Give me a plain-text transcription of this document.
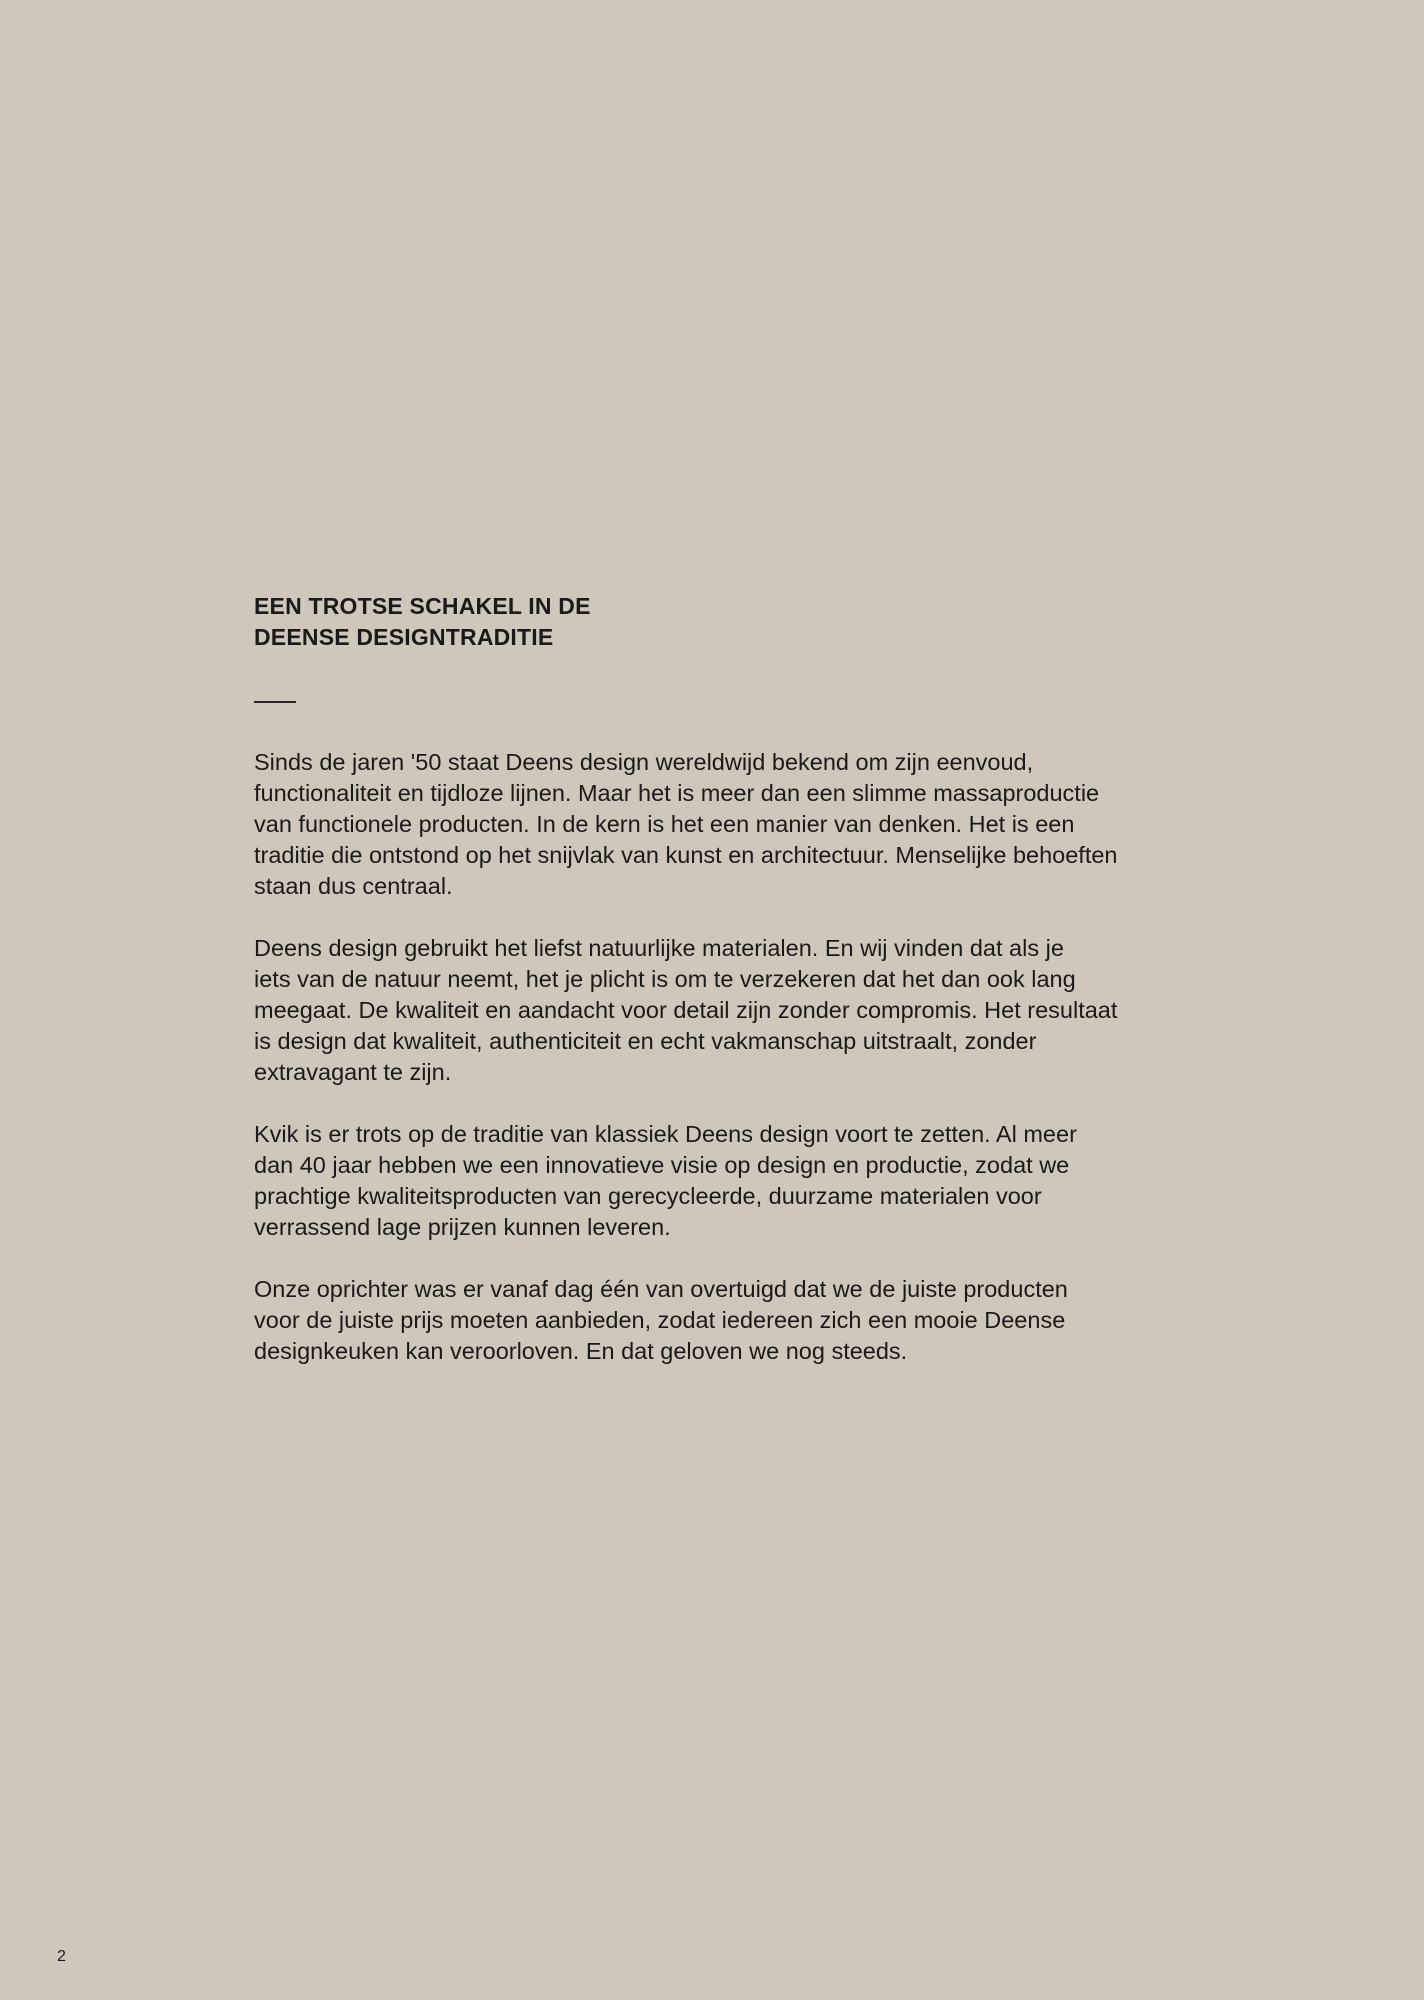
EEN TROTSE SCHAKEL IN DE
DEENSE DESIGNTRADITIE

Sinds de jaren '50 staat Deens design wereldwijd bekend om zijn eenvoud,
functionaliteit en tijdloze lijnen. Maar het is meer dan een slimme massaproductie
van functionele producten. In de kern is het een manier van denken. Het is een
traditie die ontstond op het snijvlak van kunst en architectuur. Menselijke behoeften
staan dus centraal.

Deens design gebruikt het liefst natuurlijke materialen. En wij vinden dat als je
iets van de natuur neemt, het je plicht is om te verzekeren dat het dan ook lang
meegaat. De kwaliteit en aandacht voor detail zijn zonder compromis. Het resultaat
is design dat kwaliteit, authenticiteit en echt vakmanschap uitstraalt, zonder
extravagant te zijn.

Kvik is er trots op de traditie van klassiek Deens design voort te zetten. Al meer
dan 40 jaar hebben we een innovatieve visie op design en productie, zodat we
prachtige kwaliteitsproducten van gerecycleerde, duurzame materialen voor
verrassend lage prijzen kunnen leveren.

Onze oprichter was er vanaf dag één van overtuigd dat we de juiste producten
voor de juiste prijs moeten aanbieden, zodat iedereen zich een mooie Deense
designkeuken kan veroorloven. En dat geloven we nog steeds.

2
